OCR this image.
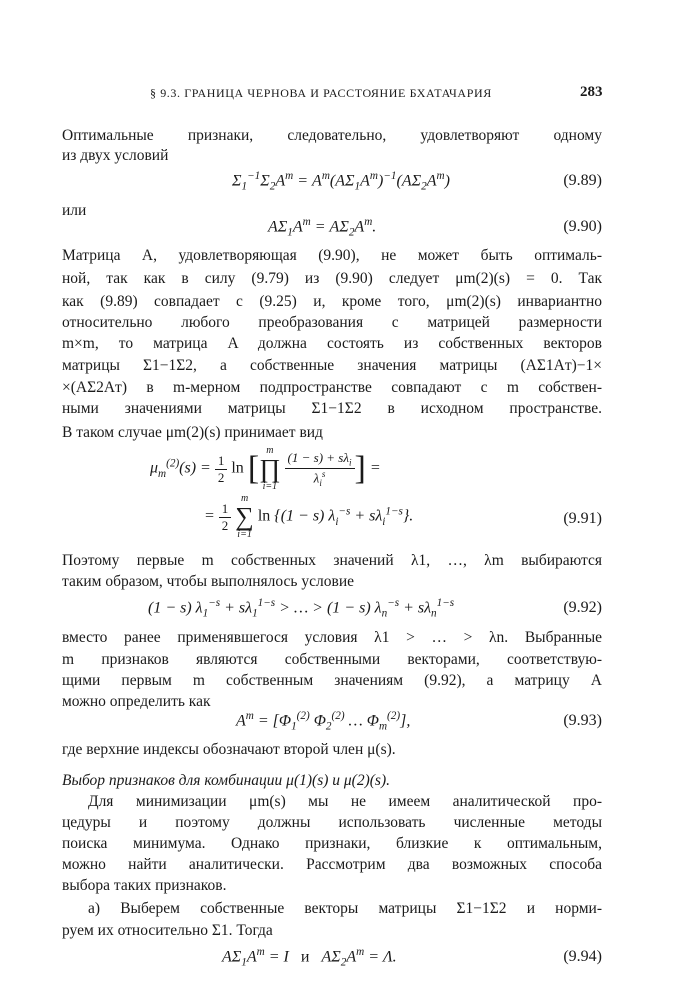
§ 9.3. ГРАНИЦА ЧЕРНОВА И РАССТОЯНИЕ БХАТАЧАРИЯ	283
Оптимальные признаки, следовательно, удовлетворяют одному
из двух условий
$\Sigma_1^{-1}\Sigma_2A^т = A^т(A\Sigma_1A^т)^{-1}(A\Sigma_2A^т)$	(9.89)
или
$A\Sigma_1A^т = A\Sigma_2A^т$.	(9.90)
Матрица A, удовлетворяющая (9.90), не может быть оптималь-
ной, так как в силу (9.79) из (9.90) следует μm(2)(s) = 0. Так
как (9.89) совпадает с (9.25) и, кроме того, μm(2)(s) инвариантно
относительно любого преобразования с матрицей размерности
m×m, то матрица A должна состоять из собственных векторов
матрицы Σ1−1Σ2, а собственные значения матрицы (AΣ1Aт)−1×
×(AΣ2Aт) в m-мерном подпространстве совпадают с m собствен-
ными значениями матрицы Σ1−1Σ2 в исходном пространстве.
В таком случае μm(2)(s) принимает вид
$\mu_m^{(2)}(s) = \frac{1}{2}$ ln [ m
∏
i=1
$\frac{(1 - s) + s\lambda_i}{\lambda_i^s}$ ] =
= $\frac{1}{2}$

m
∑
i=1
ln {(1 − s) $\lambda_i^{-s} + s\lambda_i^{1-s}$}.	(9.91)
Поэтому первые m собственных значений λ1, …, λm выбираются
таким образом, чтобы выполнялось условие
(1 − s) $\lambda_1^{-s} + s\lambda_1^{1-s}$ > … > (1 − s) $\lambda_n^{-s} + s\lambda_n^{1-s}$	(9.92)
вместо ранее применявшегося условия λ1 > … > λn. Выбранные
m признаков являются собственными векторами, соответствую-
щими первым m собственным значениям (9.92), а матрицу A
можно определить как
$A^т = [\Phi_1^{(2)}$ $\Phi_2^{(2)}$ … $\Phi_m^{(2)}$],	(9.93)
где верхние индексы обозначают второй член μ(s).
Выбор признаков для комбинации μ(1)(s) и μ(2)(s).
Для минимизации μm(s) мы не имеем аналитической про-
цедуры и поэтому должны использовать численные методы
поиска минимума. Однако признаки, близкие к оптимальным,
можно найти аналитически. Рассмотрим два возможных способа
выбора таких признаков.
а) Выберем собственные векторы матрицы Σ1−1Σ2 и норми-
руем их относительно Σ1. Тогда
$A\Sigma_1A^т = I$   и   $A\Sigma_2A^т = \Lambda$.	(9.94)
